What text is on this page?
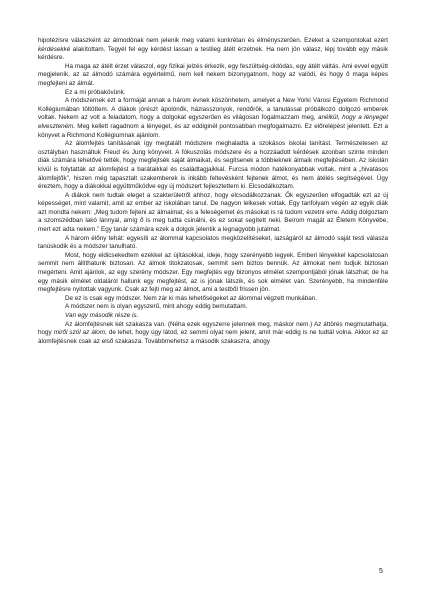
hipotézisre válaszként az álmodónak nem jelenik meg valami konkrétan és élményszerűen. Ezeket a szempontokat ezért kérdésekké alakítottam. Tegyél fel egy kérdést lassan a testileg átélt érzetnek. Ha nem jön válasz, lépj tovább egy másik kérdésre.

Ha maga az átélt érzet válaszol, egy fizikai jelzés érkezik, egy feszültség-oldódás, egy átélt váltás. Ami evvel együtt megjelenik, az az álmodó számára egyértelmű, nem kell nekem bizonygatnom, hogy az valódi, és hogy ő maga képes megfejteni az álmát.

Ez a mi próbakövünk.

A módszernek ezt a formáját annak a három évnek köszönhetem, amelyet a New Yorki Városi Egyetem Richmond Kollégiumában töltöttem. A diákok jórészt ápolónők, háziasszonyok, rendőrök, a tanulással próbálkozó dolgozó emberek voltak. Nekem az volt a feladatom, hogy a dolgokat egyszerűen és világosan fogalmazzam meg, anélkül, hogy a lényeget elveszteném. Meg kellett ragadnom a lényeget, és az eddiginél pontosabban megfogalmazni. Ez előrelépést jelentett. Ezt a könyvet a Richmond Kollégiumnak ajánlom.

Az álomfejtés tanításának így megtalált módszere meghaladta a szokásos iskolai tanítást. Természetesen az osztályban használtuk Freud és Jung könyveit. A fókuszolás módszere és a hozzáadott kérdések azonban szinte minden diák számára lehetővé tették, hogy megfejtsék saját álmaikat, és segítsenek a többieknek álmaik megfejtésében. Az iskolán kívül is folytatták az álomfejtést a barátaikkal és családtagjaikkal. Furcsa módon hatékonyabbak voltak, mint a „hivatásos álomfejtők”, hiszen még tapasztalt szakemberek is inkább feltevésként fejtenek álmot, és nem átélés segítségével. Úgy éreztem, hogy a diákokkal együttműködve egy új módszert fejlesztettem ki. Elcsodálkoztam.

A diákok nem tudtak eleget a szakterületről ahhoz, hogy elcsodálkozzanak. Ők egyszerűen elfogadták ezt az új képességet, mint valamit, amit az ember az iskolában tanul. De nagyon lelkesek voltak. Egy tanfolyam végén az egyik diák azt mondta nekem: „Meg tudom fejteni az álmaimat, és a feleségemet és másokat is rá tudom vezetni erre. Addig dolgoztam a szomszédban lakó lánnyal, amíg ő is meg tudta csinálni, és ez sokat segített neki. Beírom magát az Életem Könyvébe, mert ezt adta nekem.” Egy tanár számára ezek a dolgok jelentik a legnagyobb jutalmat.

A három élőny tehát: egyesíti az álommal kapcsolatos megközelítéseket, iazságáról az álmodó saját testi válasza tanúskodik és a módszer tanulható.

Most, hogy eldicsekedtem ezekkel az újításokkal, ideje, hogy szerényebb legyek. Emberi lényekkel kapcsolatosan semmit nem állíthatunk biztosan. Az álmok titokzatosak, semmit sem biztos bennük. Az álmokat nem tudjuk biztosan megérteni. Amit ajánlok, az egy szerény módszer. Egy megfejtés egy bizonyos elmélet szempontjából jónak látszhat; de ha egy másik elmélet oldaláról hallunk egy megfejtést, az is jónak látszik, és sok elmélet van. Szerényebb, ha mindenféle megfejtésre nyitottak vagyunk. Csak az fejti meg az álmot, ami a testből frissen jön.

De ez is csak egy módszer. Nem zár ki más lehetőségeket az álommal végzett munkában.

A módszer nem is olyan egyszerű, mint ahogy eddig bemutattam.

Van egy második része is.

Az álomfejtésnek két szakasza van. (Néha ezek egyszerre jelennek meg, máskor nem.) Az áttörés megmutathatja, hogy miről szól az álom, de lehet, hogy úgy látod, ez semmi olyat nem jelent, amit már eddig is ne tudtál volna. Akkor ez az álomfejtésnek csak az első szakasza. Továbbmehetsz a második szakaszra, ahogy

5
